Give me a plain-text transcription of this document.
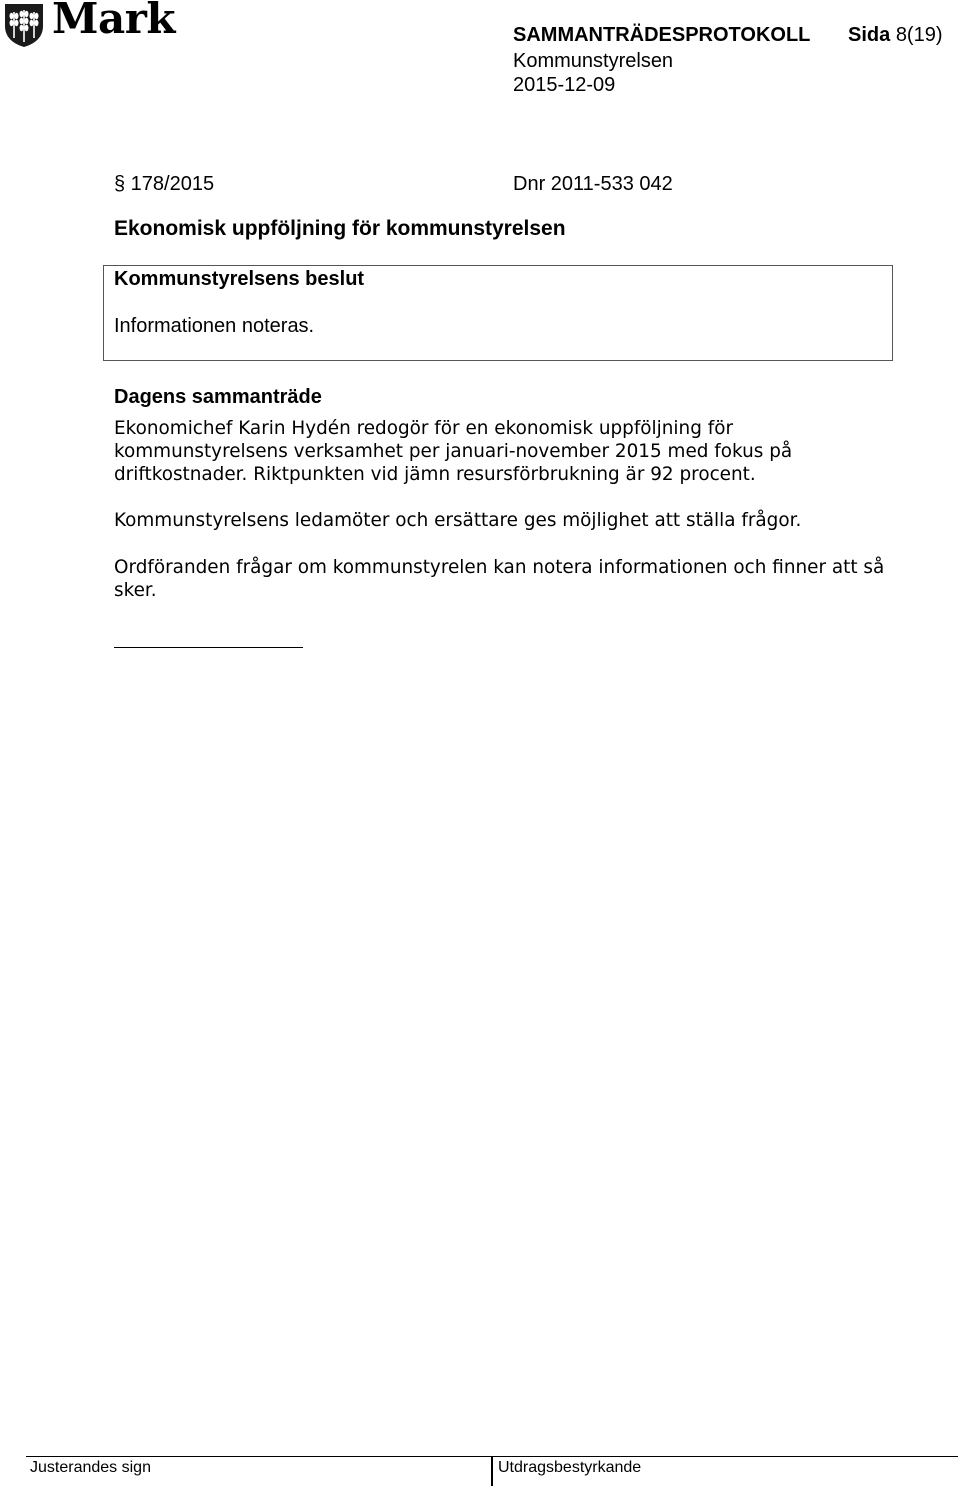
Mark	SAMMANTRÄDESPROTOKOLL Sida 8(19)
Kommunstyrelsen
2015-12-09
§ 178/2015	Dnr 2011-533 042
Ekonomisk uppföljning för kommunstyrelsen
Kommunstyrelsens beslut
Informationen noteras.
Dagens sammanträde
Ekonomichef Karin Hydén redogör för en ekonomisk uppföljning för kommunstyrelsens verksamhet per januari-november 2015 med fokus på driftkostnader. Riktpunkten vid jämn resursförbrukning är 92 procent.
Kommunstyrelsens ledamöter och ersättare ges möjlighet att ställa frågor.
Ordföranden frågar om kommunstyrelen kan notera informationen och finner att så sker.
Justerandes sign	Utdragsbestyrkande
